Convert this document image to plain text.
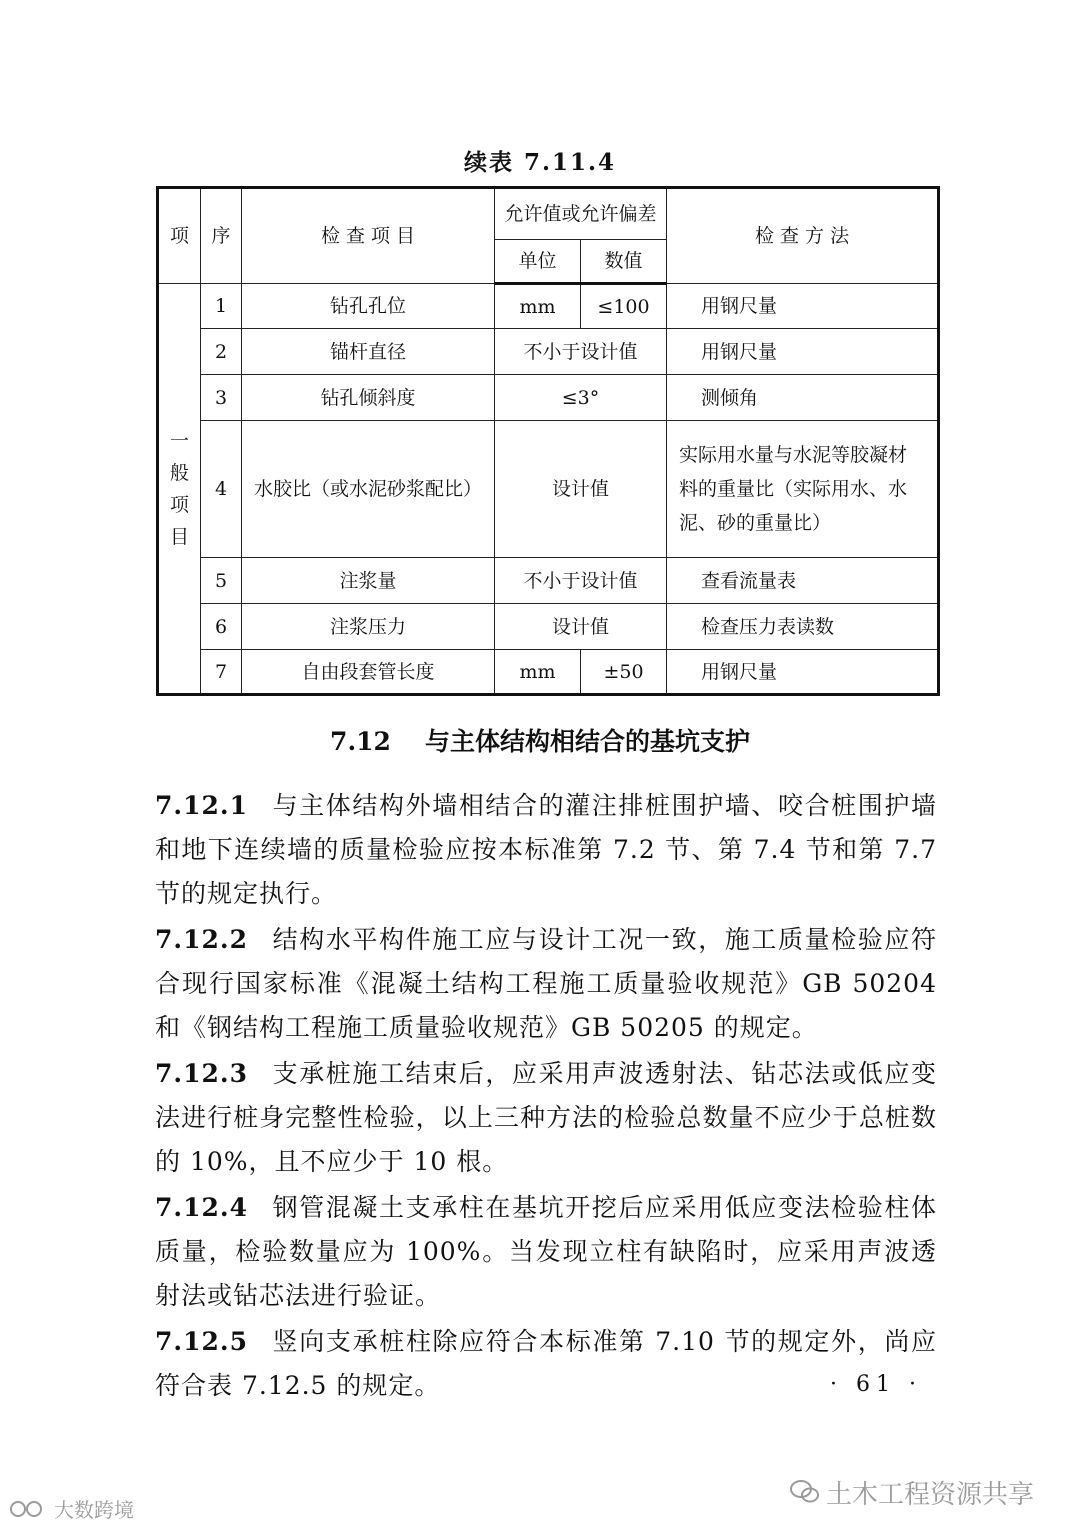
续表 7.11.4
项	序	检 查 项 目	允许值或允许偏差		检 查 方 法
			单位	数值	

一
般
项
目	1	钻孔孔位	mm	≤100	用钢尺量
	2	锚杆直径	不小于设计值		用钢尺量
	3	钻孔倾斜度	≤3°		测倾角
	4	水胶比（或水泥砂浆配比）	设计值		实际用水量与水泥等胶凝材料的重量比（实际用水、水泥、砂的重量比）
	5	注浆量	不小于设计值		查看流量表
	6	注浆压力	设计值		检查压力表读数
	7	自由段套管长度	mm	±50	用钢尺量
7.12 与主体结构相结合的基坑支护

7.12.1 与主体结构外墙相结合的灌注排桩围护墙、咬合桩围护墙和地下连续墙的质量检验应按本标准第 7.2 节、第 7.4 节和第 7.7 节的规定执行。

7.12.2 结构水平构件施工应与设计工况一致，施工质量检验应符合现行国家标准《混凝土结构工程施工质量验收规范》GB 50204 和《钢结构工程施工质量验收规范》GB 50205 的规定。

7.12.3 支承桩施工结束后，应采用声波透射法、钻芯法或低应变法进行桩身完整性检验，以上三种方法的检验总数量不应少于总桩数的 10%，且不应少于 10 根。

7.12.4 钢管混凝土支承柱在基坑开挖后应采用低应变法检验柱体质量，检验数量应为 100%。当发现立柱有缺陷时，应采用声波透射法或钻芯法进行验证。

7.12.5 竖向支承桩柱除应符合本标准第 7.10 节的规定外，尚应符合表 7.12.5 的规定。	· 61 ·
土木工程资源共享
大数跨境
